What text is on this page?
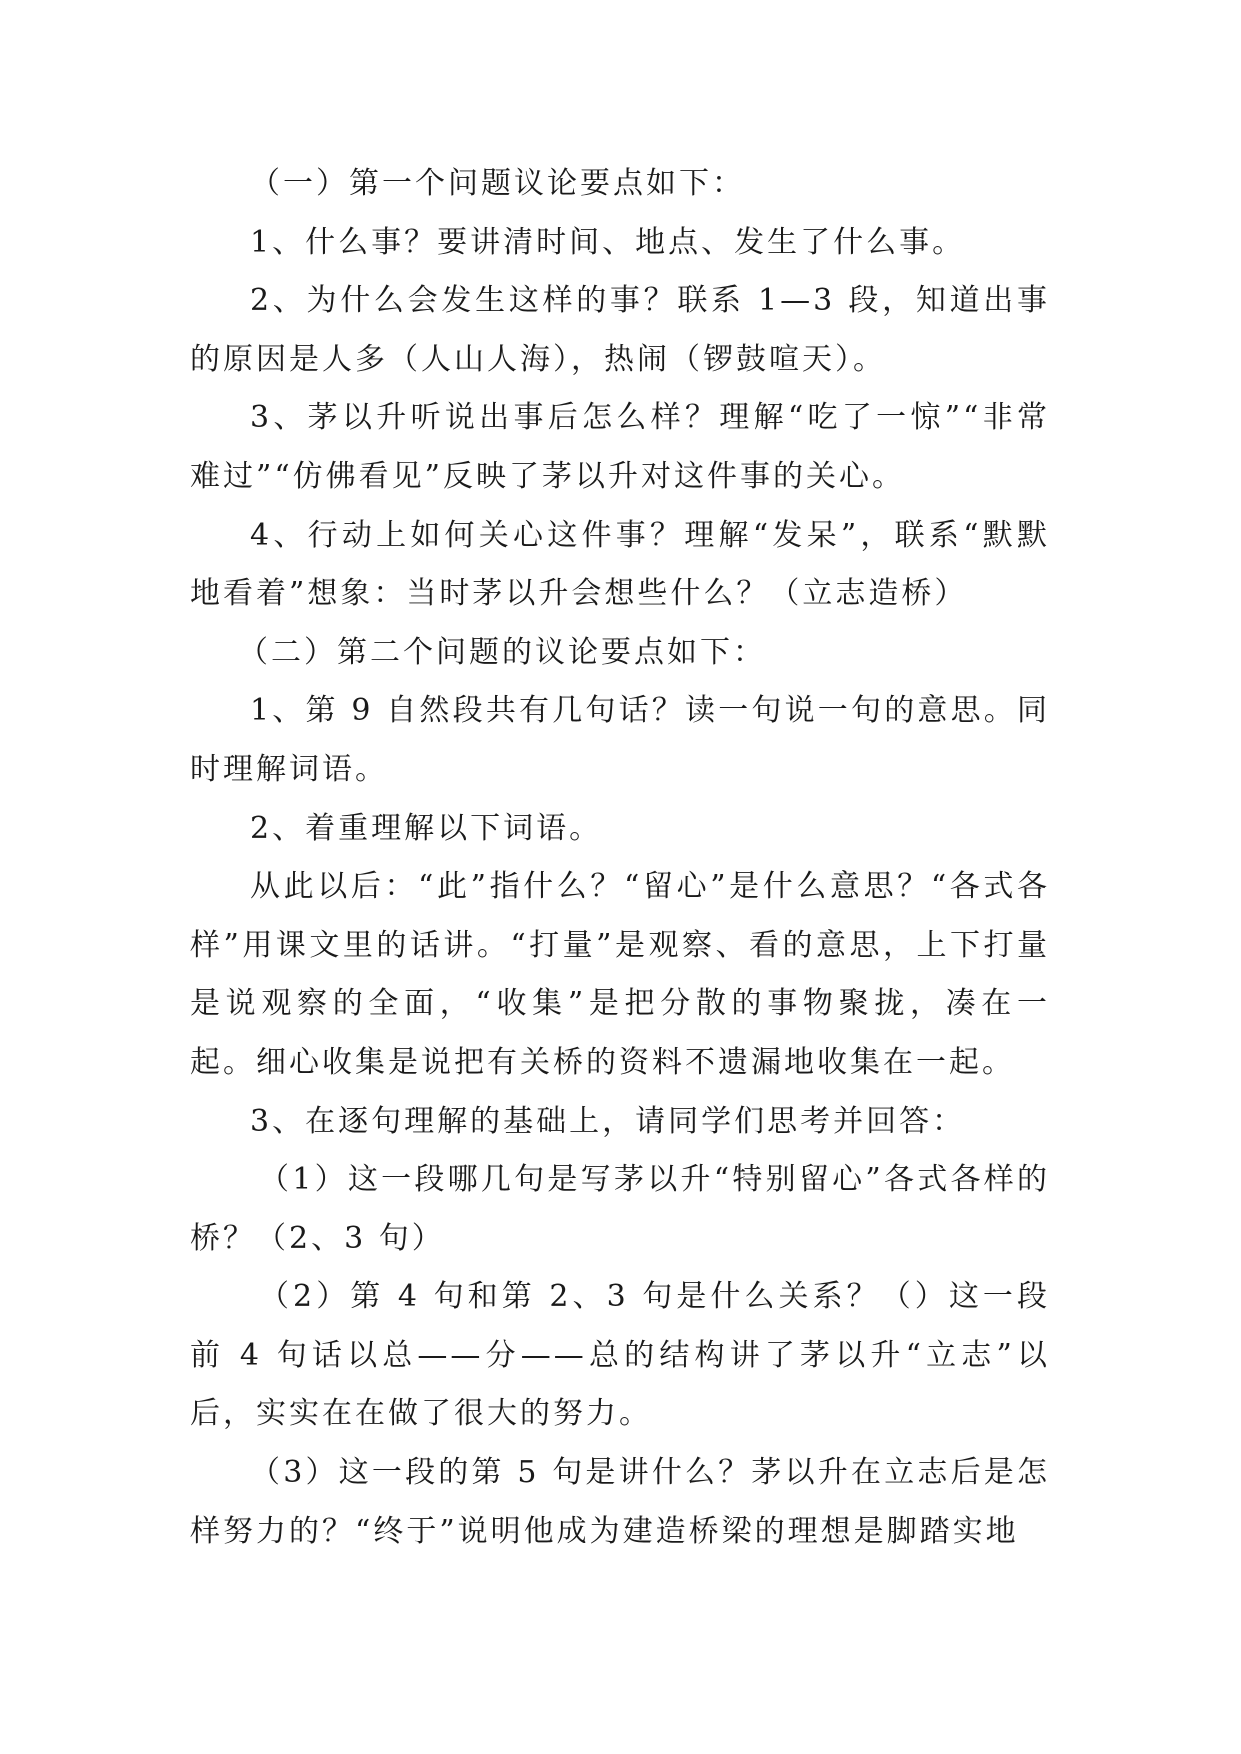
（一）第一个问题议论要点如下：

1、什么事？要讲清时间、地点、发生了什么事。

2、为什么会发生这样的事？联系 1—3 段，知道出事的原因是人多（人山人海），热闹（锣鼓喧天）。

3、茅以升听说出事后怎么样？理解“吃了一惊”“非常难过”“仿佛看见”反映了茅以升对这件事的关心。

4、行动上如何关心这件事？理解“发呆”，联系“默默地看着”想象：当时茅以升会想些什么？（立志造桥）

（二）第二个问题的议论要点如下：

1、第 9 自然段共有几句话？读一句说一句的意思。同时理解词语。

2、着重理解以下词语。

从此以后：“此”指什么？“留心”是什么意思？“各式各样”用课文里的话讲。“打量”是观察、看的意思，上下打量是说观察的全面，“收集”是把分散的事物聚拢，凑在一起。细心收集是说把有关桥的资料不遗漏地收集在一起。

3、在逐句理解的基础上，请同学们思考并回答：

（1）这一段哪几句是写茅以升“特别留心”各式各样的桥？（2、3 句）

（2）第 4 句和第 2、3 句是什么关系？（）这一段前 4 句话以总——分——总的结构讲了茅以升“立志”以后，实实在在做了很大的努力。

（3）这一段的第 5 句是讲什么？茅以升在立志后是怎样努力的？“终于”说明他成为建造桥梁的理想是脚踏实地
